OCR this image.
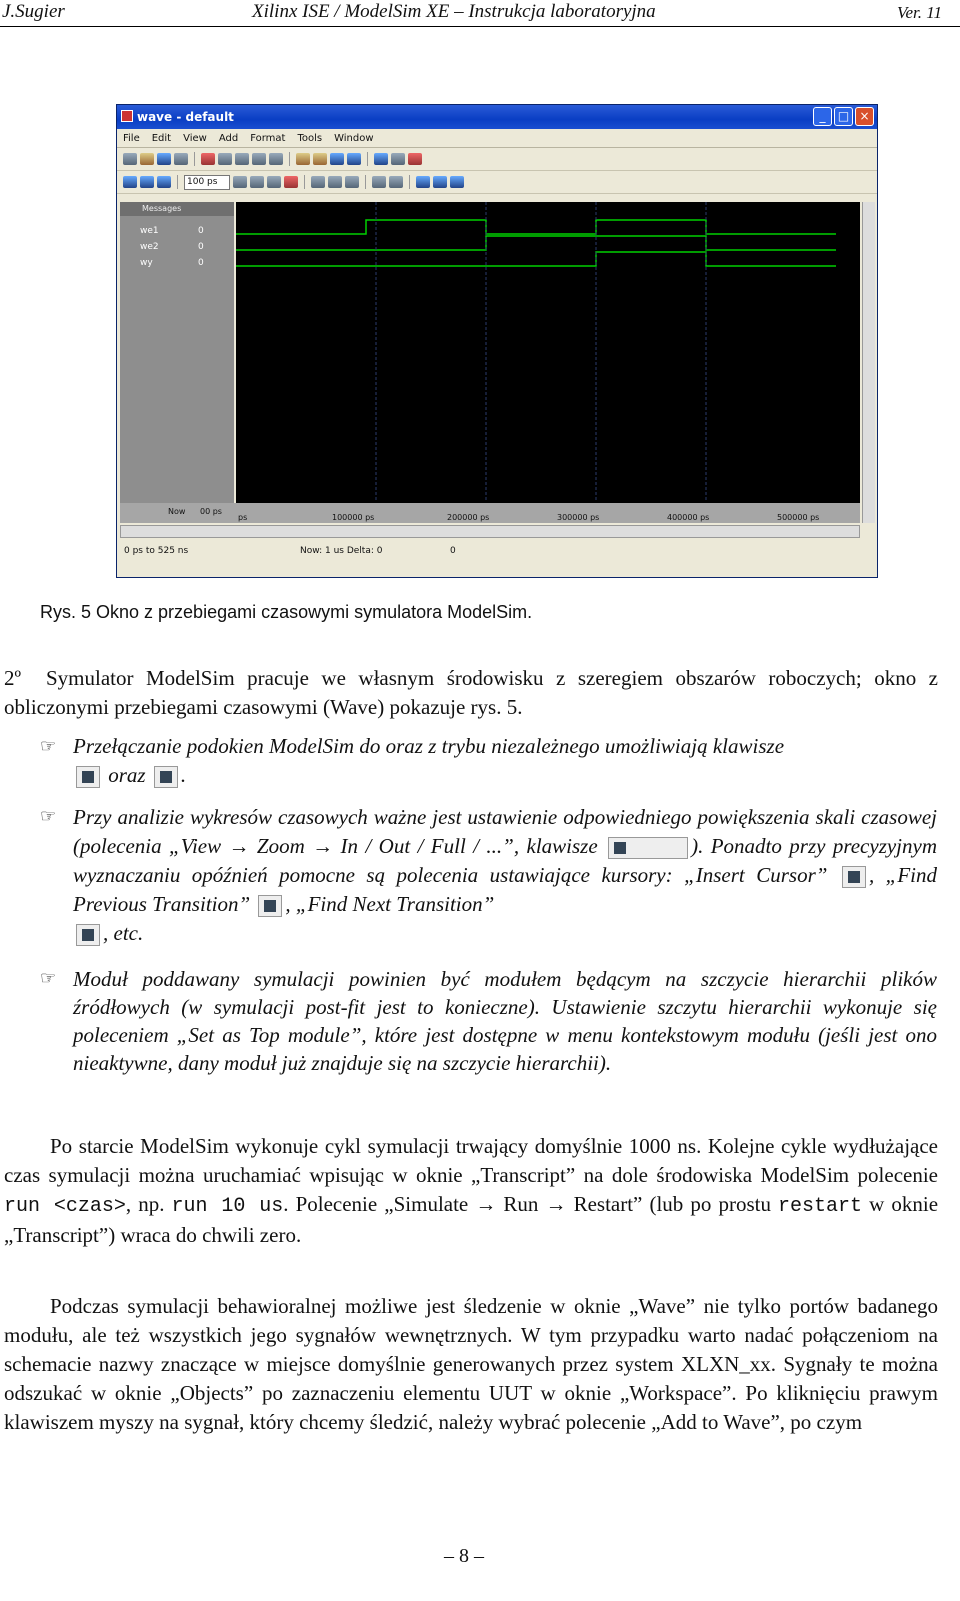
J.Sugier	Xilinx ISE / ModelSim XE – Instrukcja laboratoryjna	Ver. 11
wave - default	_	□ ×
File Edit View Add Format Tools Window
100 ps
Messages
we1	0
we2	0
wy	0
Now 00 ps
ps	100000 ps	200000 ps	300000 ps	400000 ps	500000 ps
0 ps to 525 ns	Now: 1 us Delta: 0	0
Rys. 5 Okno z przebiegami czasowymi symulatora ModelSim.
2º Symulator ModelSim pracuje we własnym środowisku z szeregiem obszarów roboczych; okno z obliczonymi przebiegami czasowymi (Wave) pokazuje rys. 5.
☞ Przełączanie podokien ModelSim do oraz z trybu niezależnego umożliwiają klawisze

oraz .
☞ Przy analizie wykresów czasowych ważne jest ustawienie odpowiedniego powiększenia skali czasowej (polecenia „View → Zoom → In / Out / Full / ...”, klawisze	). Ponadto przy precyzyjnym wyznaczaniu opóźnień pomocne są polecenia ustawiające kursory: „Insert Cursor” , „Find Previous Transition” , „Find Next Transition”

, etc.
☞ Moduł poddawany symulacji powinien być modułem będącym na szczycie hierarchii plików źródłowych (w symulacji post-fit jest to konieczne). Ustawienie szczytu hierarchii wykonuje się poleceniem „Set as Top module”, które jest dostępne w menu kontekstowym modułu (jeśli jest ono nieaktywne, dany moduł już znajduje się na szczycie hierarchii).
Po starcie ModelSim wykonuje cykl symulacji trwający domyślnie 1000 ns. Kolejne cykle wydłużające czas symulacji można uruchamiać wpisując w oknie „Transcript” na dole środowiska ModelSim polecenie run <czas>, np. run 10 us. Polecenie „Simulate → Run → Restart” (lub po prostu restart w oknie „Transcript”) wraca do chwili zero.
Podczas symulacji behawioralnej możliwe jest śledzenie w oknie „Wave” nie tylko portów badanego modułu, ale też wszystkich jego sygnałów wewnętrznych. W tym przypadku warto nadać połączeniom na schemacie nazwy znaczące w miejsce domyślnie generowanych przez system XLXN_xx. Sygnały te można odszukać w oknie „Objects” po zaznaczeniu elementu UUT w oknie „Workspace”. Po kliknięciu prawym klawiszem myszy na sygnał, który chcemy śledzić, należy wybrać polecenie „Add to Wave”, po czym
– 8 –
